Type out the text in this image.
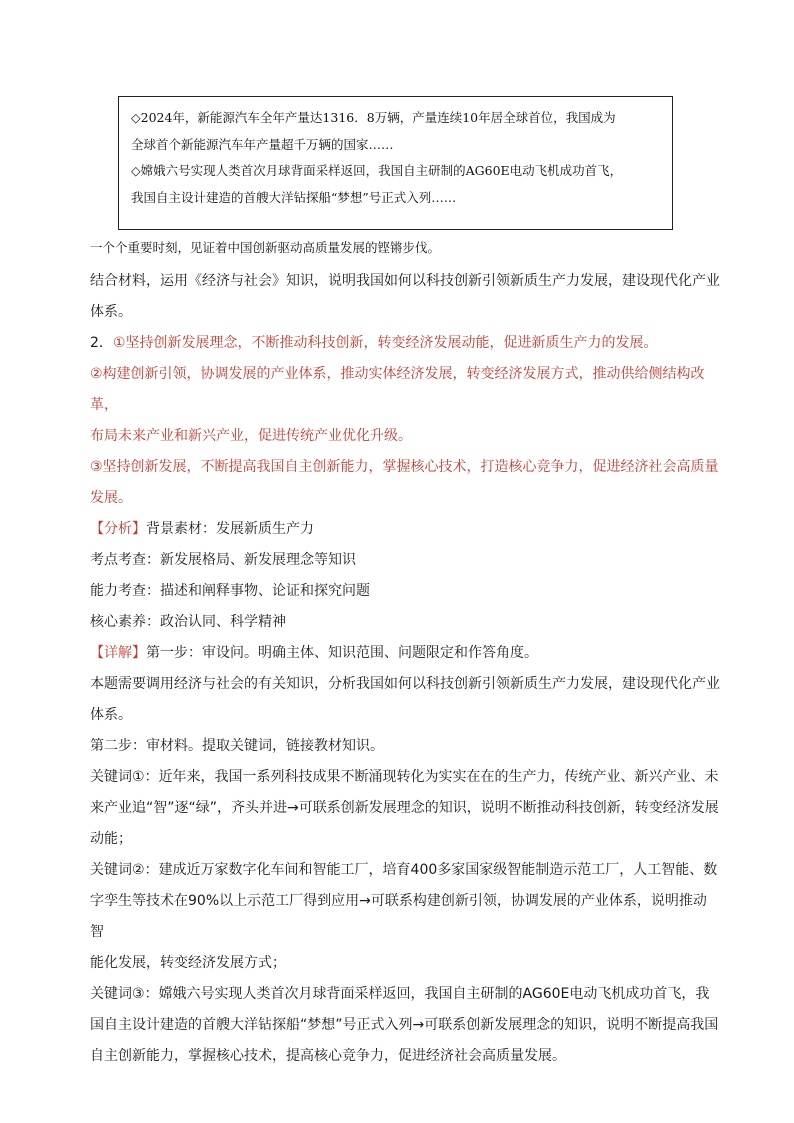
◇2024年，新能源汽车全年产量达1316．8万辆，产量连续10年居全球首位，我国成为

全球首个新能源汽车年产量超千万辆的国家……

◇嫦娥六号实现人类首次月球背面采样返回，我国自主研制的AG60E电动飞机成功首飞，

我国自主设计建造的首艘大洋钻探船“梦想”号正式入列……

一个个重要时刻，见证着中国创新驱动高质量发展的铿锵步伐。

结合材料，运用《经济与社会》知识，说明我国如何以科技创新引领新质生产力发展，建设现代化产业

体系。

2．①坚持创新发展理念，不断推动科技创新，转变经济发展动能，促进新质生产力的发展。

②构建创新引领，协调发展的产业体系，推动实体经济发展，转变经济发展方式，推动供给侧结构改革，

布局未来产业和新兴产业，促进传统产业优化升级。

③坚持创新发展，不断提高我国自主创新能力，掌握核心技术，打造核心竞争力，促进经济社会高质量

发展。

【分析】背景素材：发展新质生产力

考点考查：新发展格局、新发展理念等知识

能力考查：描述和阐释事物、论证和探究问题

核心素养：政治认同、科学精神

【详解】第一步：审设问。明确主体、知识范围、问题限定和作答角度。

本题需要调用经济与社会的有关知识，分析我国如何以科技创新引领新质生产力发展，建设现代化产业

体系。

第二步：审材料。提取关键词，链接教材知识。

关键词①：近年来，我国一系列科技成果不断涌现转化为实实在在的生产力，传统产业、新兴产业、未

来产业追“智”逐“绿”，齐头并进→可联系创新发展理念的知识，说明不断推动科技创新，转变经济发展

动能；

关键词②：建成近万家数字化车间和智能工厂，培育400多家国家级智能制造示范工厂，人工智能、数

字孪生等技术在90%以上示范工厂得到应用→可联系构建创新引领，协调发展的产业体系，说明推动智

能化发展，转变经济发展方式；

关键词③：嫦娥六号实现人类首次月球背面采样返回，我国自主研制的AG60E电动飞机成功首飞，我

国自主设计建造的首艘大洋钻探船“梦想”号正式入列→可联系创新发展理念的知识，说明不断提高我国

自主创新能力，掌握核心技术，提高核心竞争力，促进经济社会高质量发展。
